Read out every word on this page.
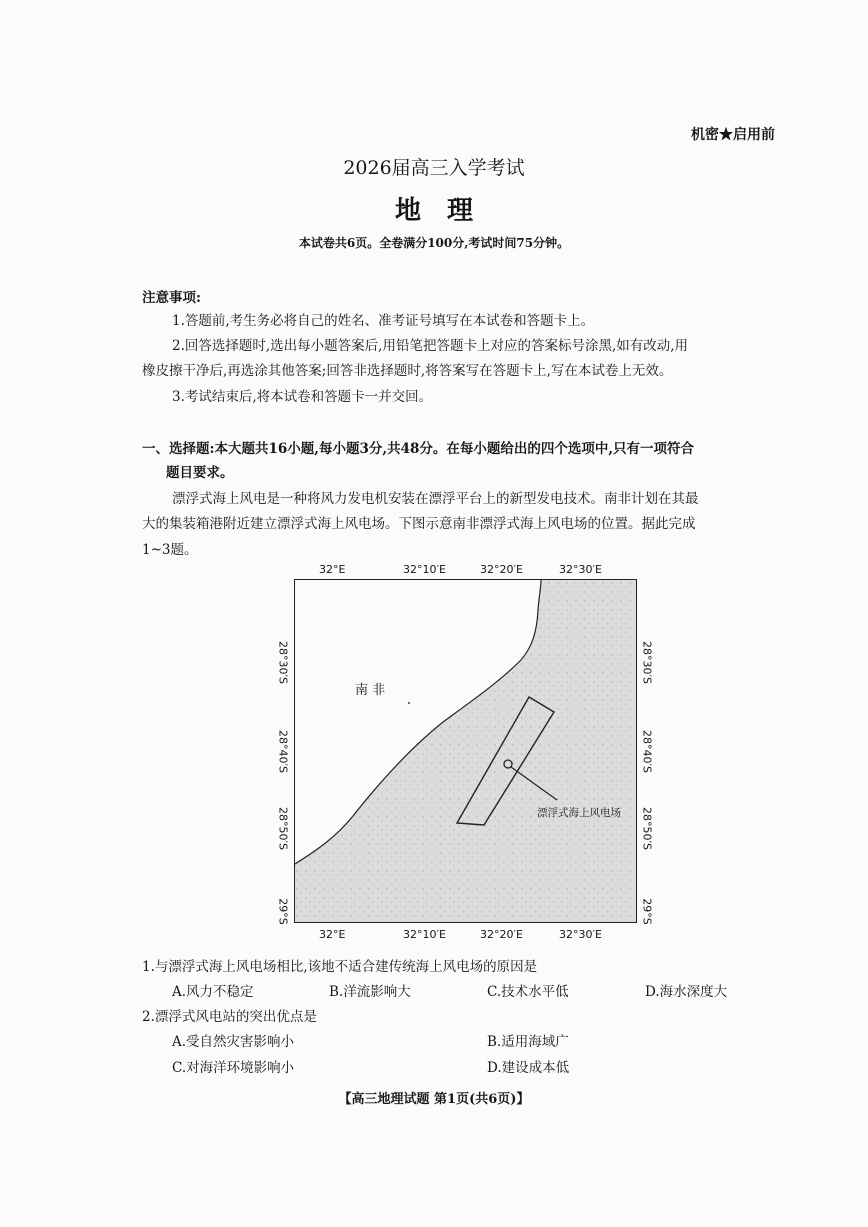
机密★启用前
2026届高三入学考试
地理
本试卷共6页。全卷满分100分,考试时间75分钟。
注意事项:
1.答题前,考生务必将自己的姓名、准考证号填写在本试卷和答题卡上。
2.回答选择题时,选出每小题答案后,用铅笔把答题卡上对应的答案标号涂黑,如有改动,用
橡皮擦干净后,再选涂其他答案;回答非选择题时,将答案写在答题卡上,写在本试卷上无效。
3.考试结束后,将本试卷和答题卡一并交回。
一、选择题:本大题共16小题,每小题3分,共48分。在每小题给出的四个选项中,只有一项符合
题目要求。
漂浮式海上风电是一种将风力发电机安装在漂浮平台上的新型发电技术。南非计划在其最
大的集装箱港附近建立漂浮式海上风电场。下图示意南非漂浮式海上风电场的位置。据此完成
1~3题。
32°E	32°10′E	32°20′E	32°30′E
32°E	32°10′E	32°20′E	32°30′E
28°30′S
28°40′S
28°50′S
29°S
28°30′S
28°40′S
28°50′S
29°S
南 非
漂浮式海上风电场
1.与漂浮式海上风电场相比,该地不适合建传统海上风电场的原因是
A.风力不稳定	B.洋流影响大	C.技术水平低	D.海水深度大
2.漂浮式风电站的突出优点是
A.受自然灾害影响小	B.适用海域广
C.对海洋环境影响小	D.建设成本低
【高三地理试题 第1页(共6页)】
